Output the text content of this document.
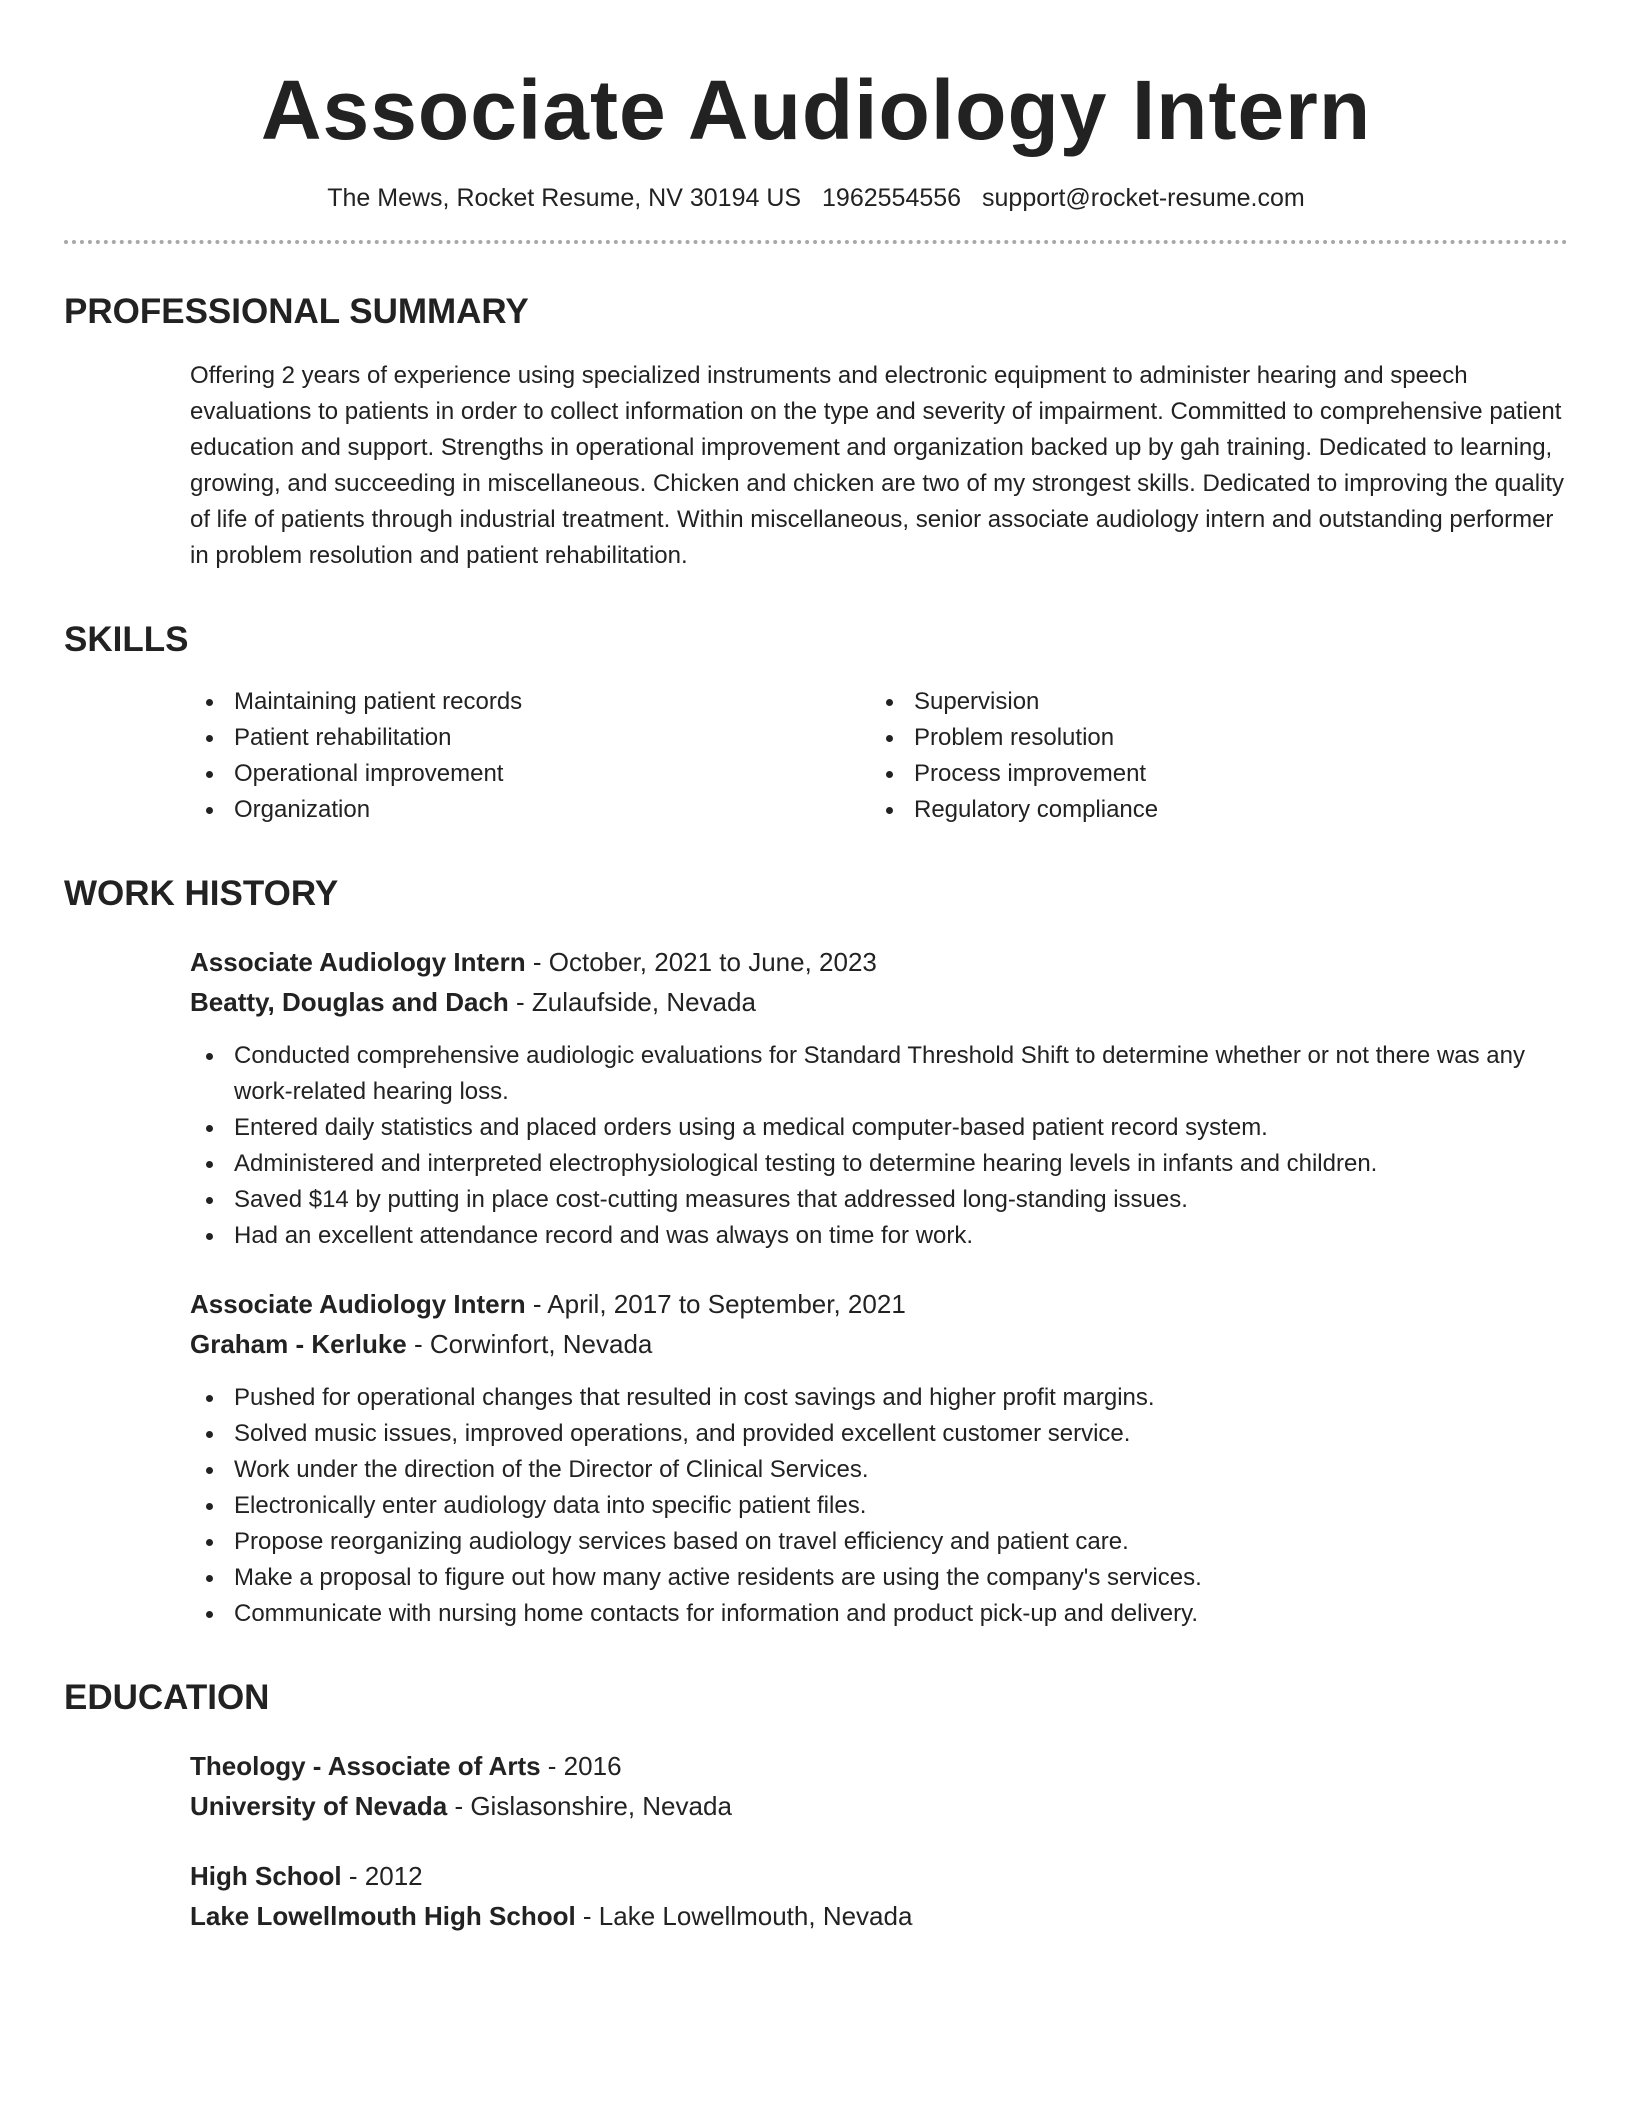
Associate Audiology Intern
The Mews, Rocket Resume, NV 30194 US 1962554556 support@rocket-resume.com
PROFESSIONAL SUMMARY

Offering 2 years of experience using specialized instruments and electronic equipment to administer hearing and speech evaluations to patients in order to collect information on the type and severity of impairment. Committed to comprehensive patient education and support. Strengths in operational improvement and organization backed up by gah training. Dedicated to learning, growing, and succeeding in miscellaneous. Chicken and chicken are two of my strongest skills. Dedicated to improving the quality of life of patients through industrial treatment. Within miscellaneous, senior associate audiology intern and outstanding performer in problem resolution and patient rehabilitation.

SKILLS
Maintaining patient records
Patient rehabilitation
Operational improvement
Organization
Supervision
Problem resolution
Process improvement
Regulatory compliance
WORK HISTORY
Associate Audiology Intern - October, 2021 to June, 2023
Beatty, Douglas and Dach - Zulaufside, Nevada
Conducted comprehensive audiologic evaluations for Standard Threshold Shift to determine whether or not there was any work-related hearing loss.
Entered daily statistics and placed orders using a medical computer-based patient record system.
Administered and interpreted electrophysiological testing to determine hearing levels in infants and children.
Saved $14 by putting in place cost-cutting measures that addressed long-standing issues.
Had an excellent attendance record and was always on time for work.
Associate Audiology Intern - April, 2017 to September, 2021
Graham - Kerluke - Corwinfort, Nevada
Pushed for operational changes that resulted in cost savings and higher profit margins.
Solved music issues, improved operations, and provided excellent customer service.
Work under the direction of the Director of Clinical Services.
Electronically enter audiology data into specific patient files.
Propose reorganizing audiology services based on travel efficiency and patient care.
Make a proposal to figure out how many active residents are using the company's services.
Communicate with nursing home contacts for information and product pick-up and delivery.
EDUCATION
Theology - Associate of Arts - 2016
University of Nevada - Gislasonshire, Nevada
High School - 2012
Lake Lowellmouth High School - Lake Lowellmouth, Nevada
